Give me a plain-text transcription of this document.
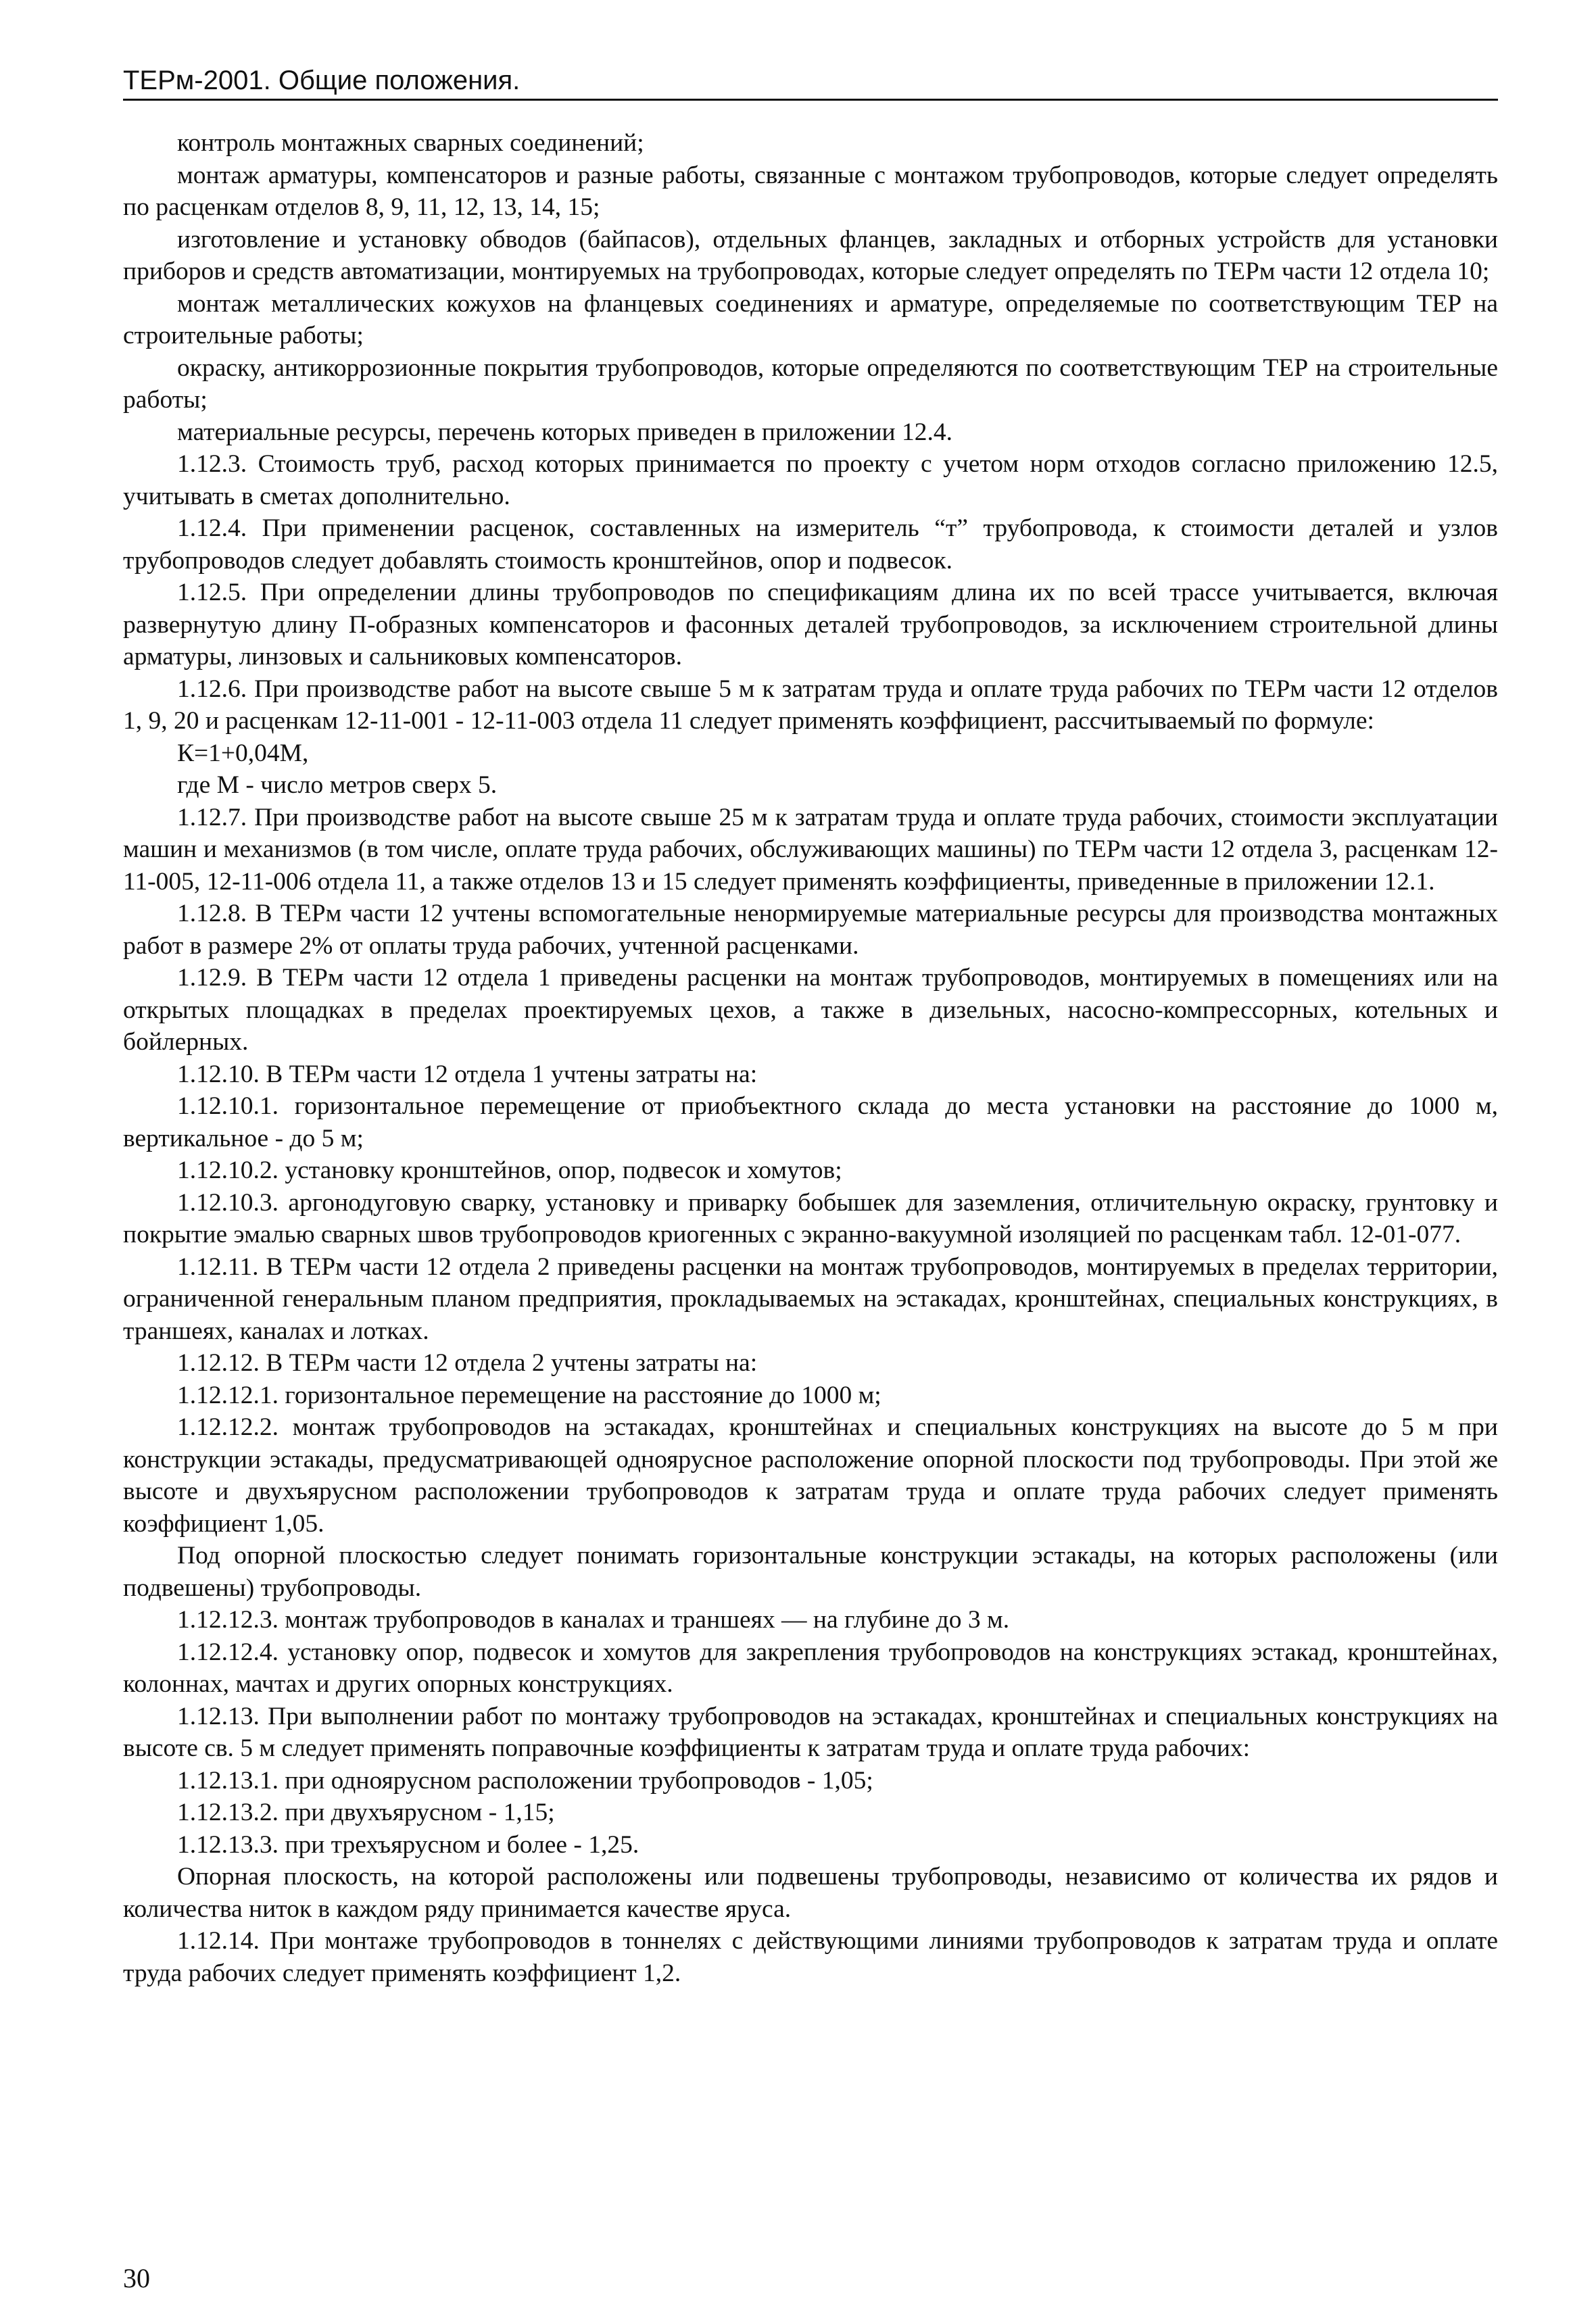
ТЕРм-2001. Общие положения.

контроль монтажных сварных соединений;

монтаж арматуры, компенсаторов и разные работы, связанные с монтажом трубопроводов, которые следует определять по расценкам отделов 8, 9, 11, 12, 13, 14, 15;

изготовление и установку обводов (байпасов), отдельных фланцев, закладных и отборных устройств для установки приборов и средств автоматизации, монтируемых на трубопроводах, которые следует определять по ТЕРм части 12 отдела 10;

монтаж металлических кожухов на фланцевых соединениях и арматуре, определяемые по соответствующим ТЕР на строительные работы;

окраску, антикоррозионные покрытия трубопроводов, которые определяются по соответствующим ТЕР на строительные работы;

материальные ресурсы, перечень которых приведен в приложении 12.4.

1.12.3. Стоимость труб, расход которых принимается по проекту с учетом норм отходов согласно приложению 12.5, учитывать в сметах дополнительно.

1.12.4. При применении расценок, составленных на измеритель “т” трубопровода, к стоимости деталей и узлов трубопроводов следует добавлять стоимость кронштейнов, опор и подвесок.

1.12.5. При определении длины трубопроводов по спецификациям длина их по всей трассе учитывается, включая развернутую длину П-образных компенсаторов и фасонных деталей трубопроводов, за исключением строительной длины арматуры, линзовых и сальниковых компенсаторов.

1.12.6. При производстве работ на высоте свыше 5 м к затратам труда и оплате труда рабочих по ТЕРм части 12 отделов 1, 9, 20 и расценкам 12-11-001 - 12-11-003 отдела 11 следует применять коэффициент, рассчитываемый по формуле:

К=1+0,04М,

где М - число метров сверх 5.

1.12.7. При производстве работ на высоте свыше 25 м к затратам труда и оплате труда рабочих, стоимости эксплуатации машин и механизмов (в том числе, оплате труда рабочих, обслуживающих машины) по ТЕРм части 12 отдела 3, расценкам 12-11-005, 12-11-006 отдела 11, а также отделов 13 и 15 следует применять коэффициенты, приведенные в приложении 12.1.

1.12.8. В ТЕРм части 12 учтены вспомогательные ненормируемые материальные ресурсы для производства монтажных работ в размере 2% от оплаты труда рабочих, учтенной расценками.

1.12.9. В ТЕРм части 12 отдела 1 приведены расценки на монтаж трубопроводов, монтируемых в помещениях или на открытых площадках в пределах проектируемых цехов, а также в дизельных, насосно-компрессорных, котельных и бойлерных.

1.12.10. В ТЕРм части 12 отдела 1 учтены затраты на:

1.12.10.1. горизонтальное перемещение от приобъектного склада до места установки на расстояние до 1000 м, вертикальное - до 5 м;

1.12.10.2. установку кронштейнов, опор, подвесок и хомутов;

1.12.10.3. аргонодуговую сварку, установку и приварку бобышек для заземления, отличительную окраску, грунтовку и покрытие эмалью сварных швов трубопроводов криогенных с экранно-вакуумной изоляцией по расценкам табл. 12-01-077.

1.12.11. В ТЕРм части 12 отдела 2 приведены расценки на монтаж трубопроводов, монтируемых в пределах территории, ограниченной генеральным планом предприятия, прокладываемых на эстакадах, кронштейнах, специальных конструкциях, в траншеях, каналах и лотках.

1.12.12. В ТЕРм части 12 отдела 2 учтены затраты на:

1.12.12.1. горизонтальное перемещение на расстояние до 1000 м;

1.12.12.2. монтаж трубопроводов на эстакадах, кронштейнах и специальных конструкциях на высоте до 5 м при конструкции эстакады, предусматривающей одноярусное расположение опорной плоскости под трубопроводы. При этой же высоте и двухъярусном расположении трубопроводов к затратам труда и оплате труда рабочих следует применять коэффициент 1,05.

Под опорной плоскостью следует понимать горизонтальные конструкции эстакады, на которых расположены (или подвешены) трубопроводы.

1.12.12.3. монтаж трубопроводов в каналах и траншеях — на глубине до 3 м.

1.12.12.4. установку опор, подвесок и хомутов для закрепления трубопроводов на конструкциях эстакад, кронштейнах, колоннах, мачтах и других опорных конструкциях.

1.12.13. При выполнении работ по монтажу трубопроводов на эстакадах, кронштейнах и специальных конструкциях на высоте св. 5 м следует применять поправочные коэффициенты к затратам труда и оплате труда рабочих:

1.12.13.1. при одноярусном расположении трубопроводов - 1,05;

1.12.13.2. при двухъярусном - 1,15;

1.12.13.3. при трехъярусном и более - 1,25.

Опорная плоскость, на которой расположены или подвешены трубопроводы, независимо от количества их рядов и количества ниток в каждом ряду принимается качестве яруса.

1.12.14. При монтаже трубопроводов в тоннелях с действующими линиями трубопроводов к затратам труда и оплате труда рабочих следует применять коэффициент 1,2.

30
